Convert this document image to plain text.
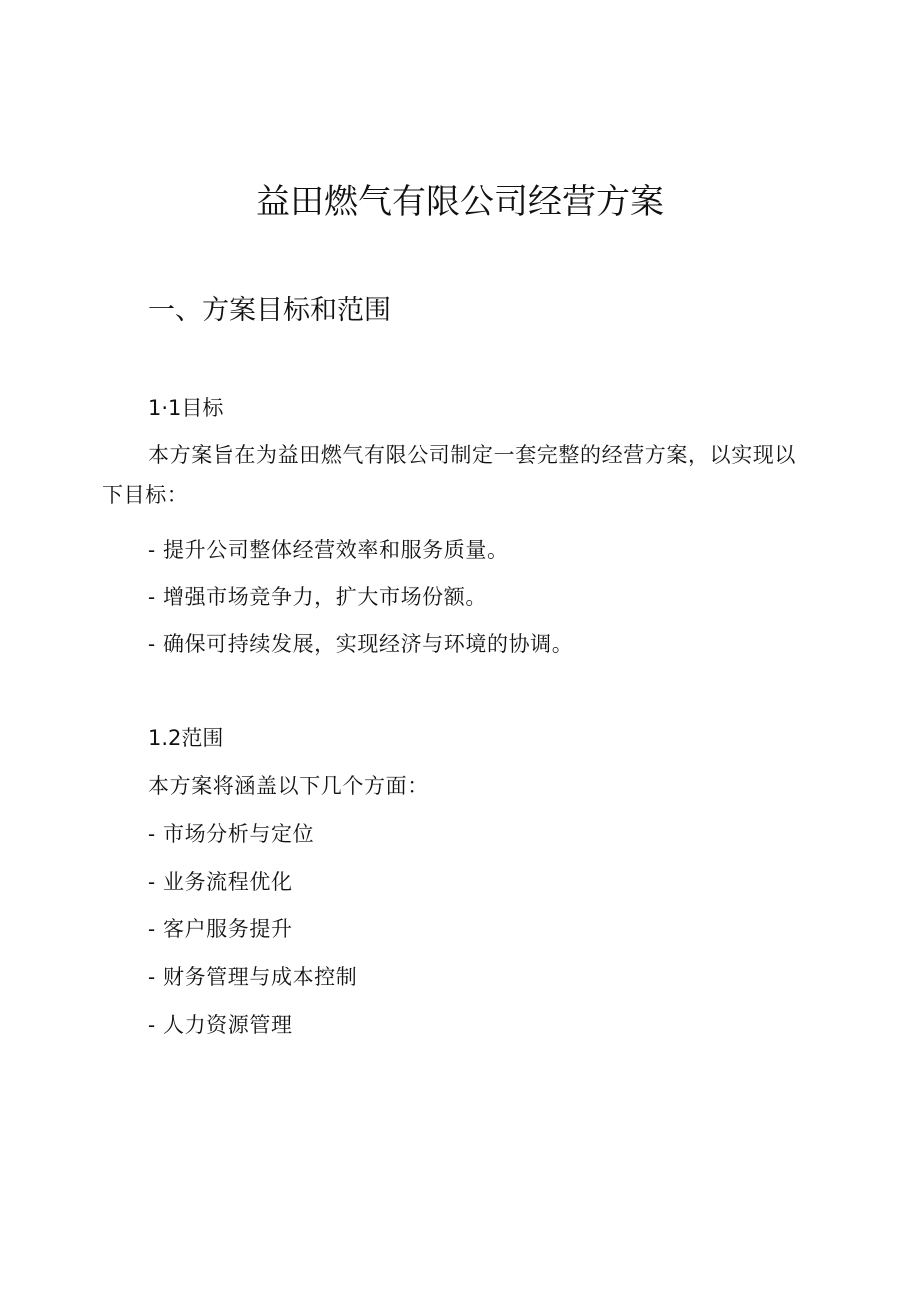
益田燃气有限公司经营方案
一、方案目标和范围
1·1目标
本方案旨在为益田燃气有限公司制定一套完整的经营方案，以实现以下目标：
- 提升公司整体经营效率和服务质量。
- 增强市场竞争力，扩大市场份额。
- 确保可持续发展，实现经济与环境的协调。
1.2范围
本方案将涵盖以下几个方面：
- 市场分析与定位
- 业务流程优化
- 客户服务提升
- 财务管理与成本控制
- 人力资源管理
